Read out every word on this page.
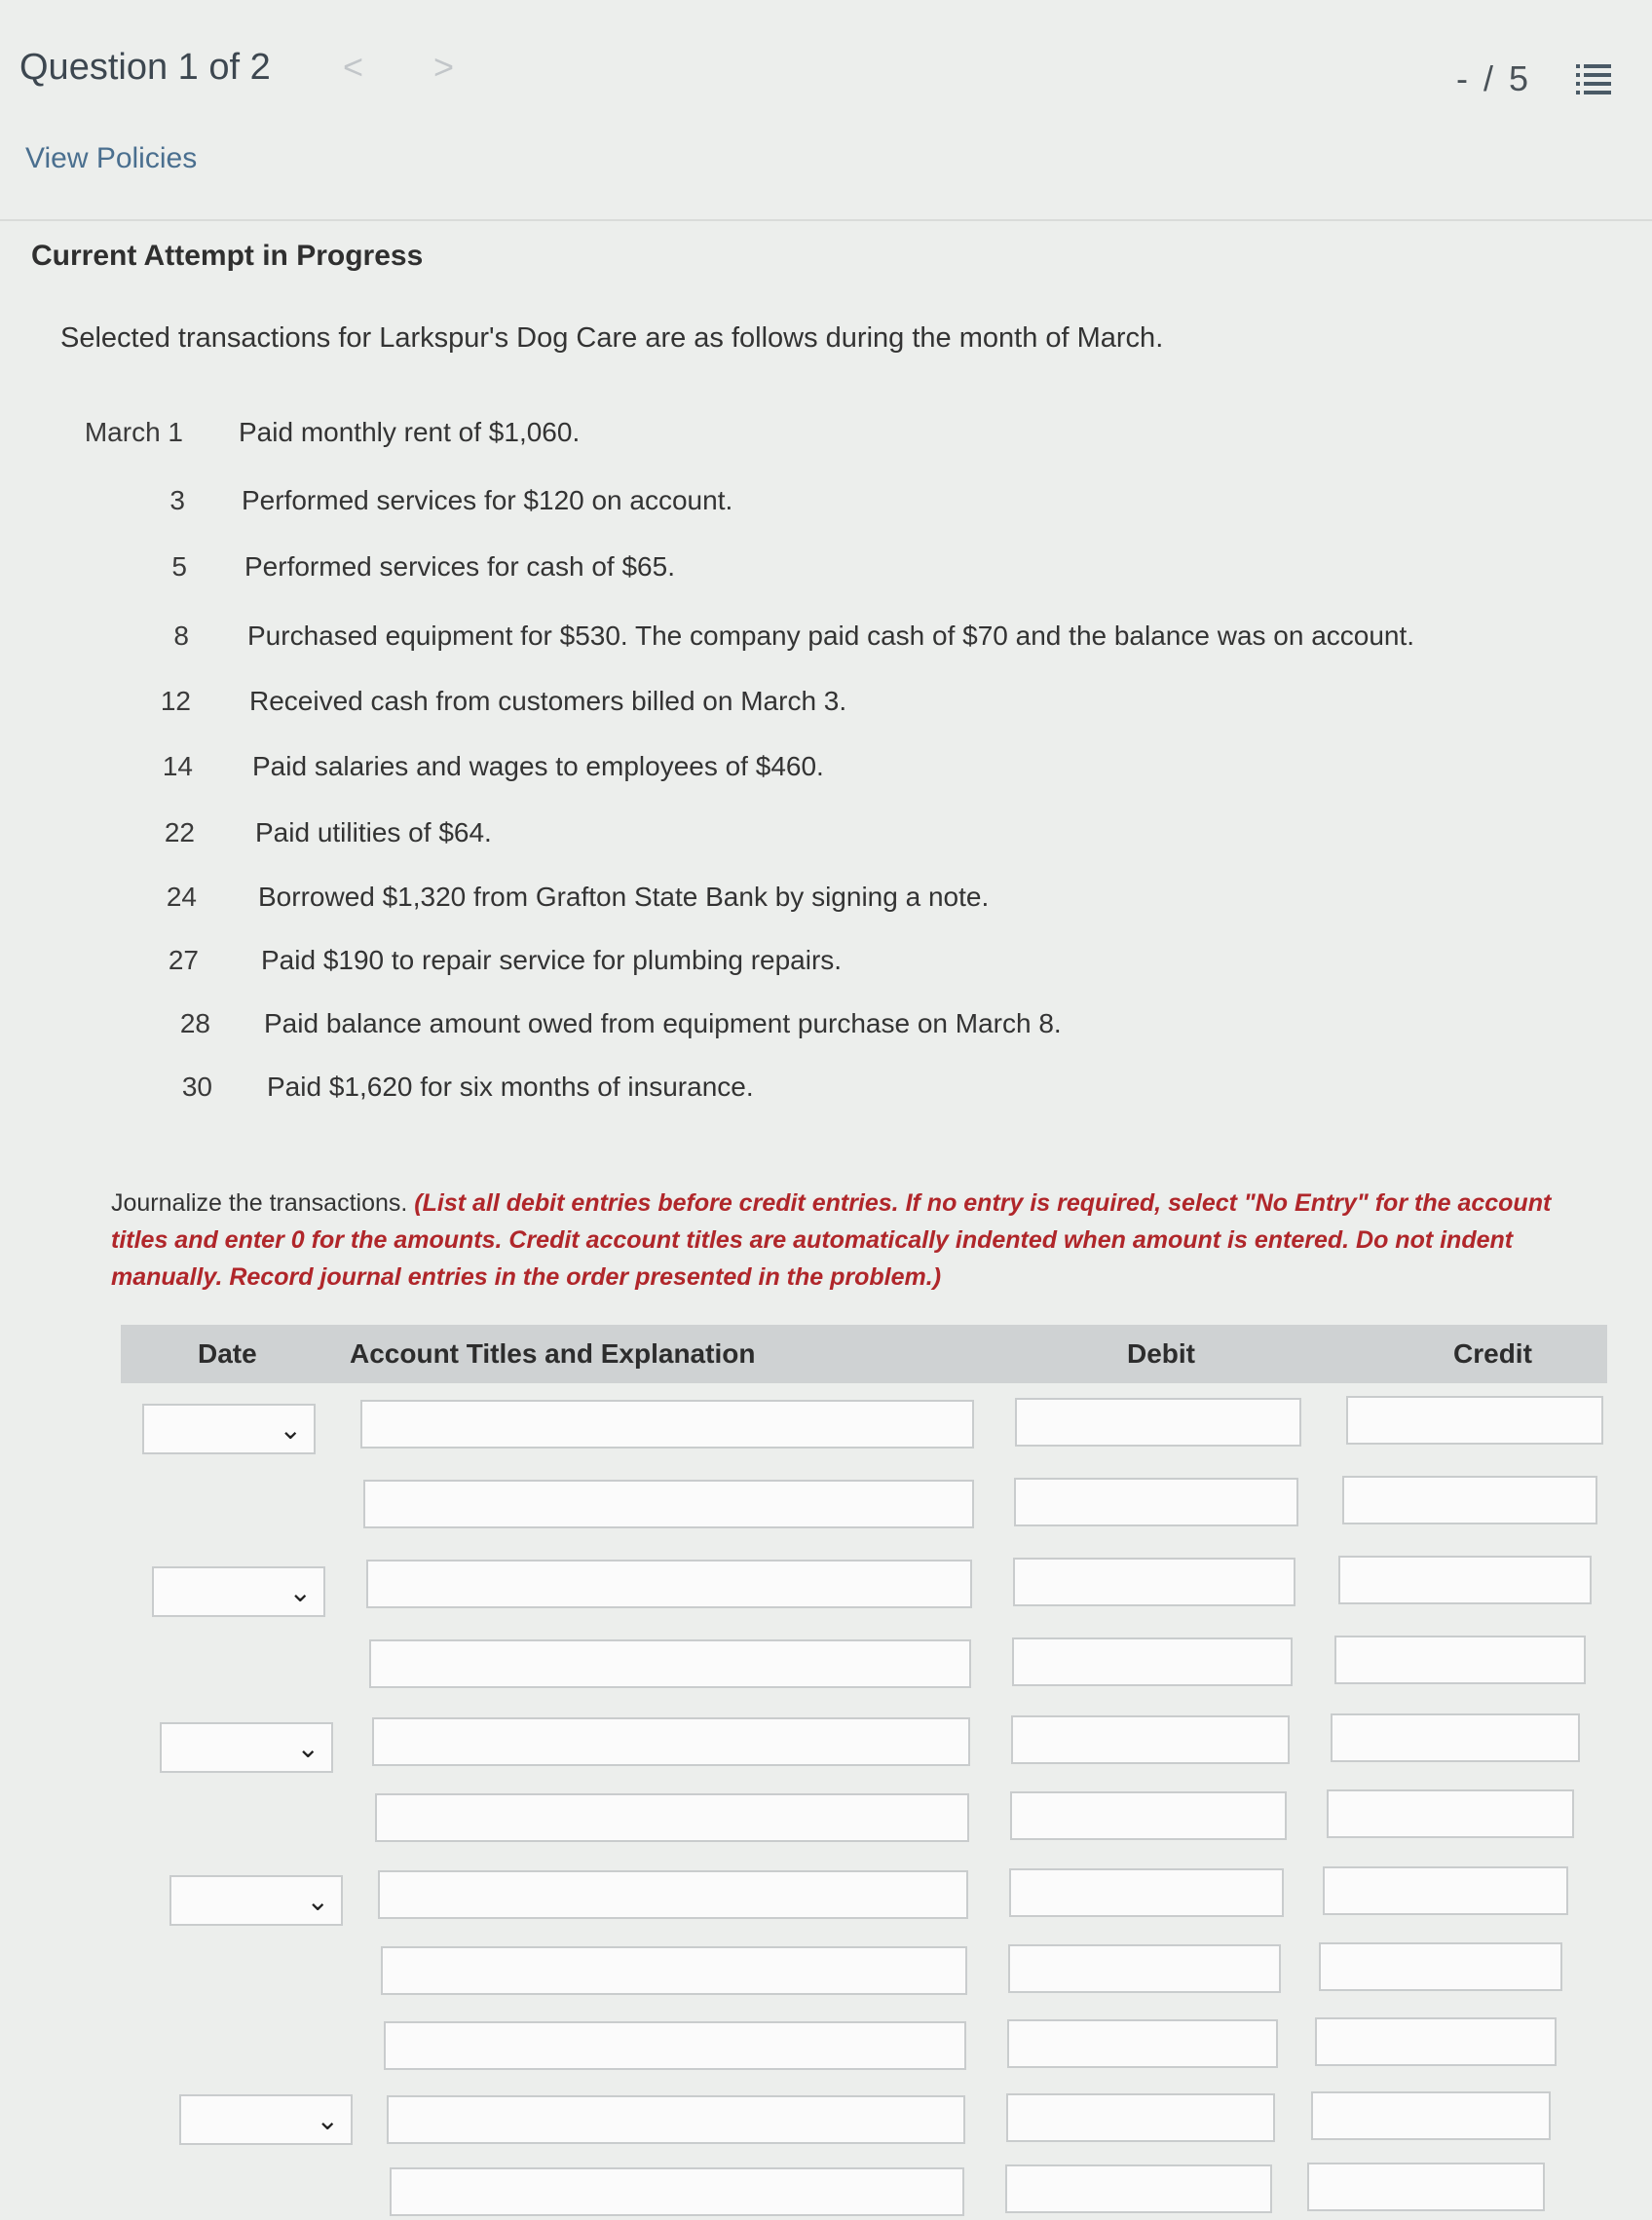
Question 1 of 2 < >	- / 5
View Policies
Current Attempt in Progress
Selected transactions for Larkspur's Dog Care are as follows during the month of March.
March 1 Paid monthly rent of $1,060.
3 Performed services for $120 on account.
5 Performed services for cash of $65.
8 Purchased equipment for $530. The company paid cash of $70 and the balance was on account.
12 Received cash from customers billed on March 3.
14 Paid salaries and wages to employees of $460.
22 Paid utilities of $64.
24 Borrowed $1,320 from Grafton State Bank by signing a note.
27 Paid $190 to repair service for plumbing repairs.
28 Paid balance amount owed from equipment purchase on March 8.
30 Paid $1,620 for six months of insurance.
Journalize the transactions. (List all debit entries before credit entries. If no entry is required, select "No Entry" for the account titles and enter 0 for the amounts. Credit account titles are automatically indented when amount is entered. Do not indent manually. Record journal entries in the order presented in the problem.)
Date	Account Titles and Explanation	Debit	Credit
⌄
⌄
⌄
⌄
⌄
